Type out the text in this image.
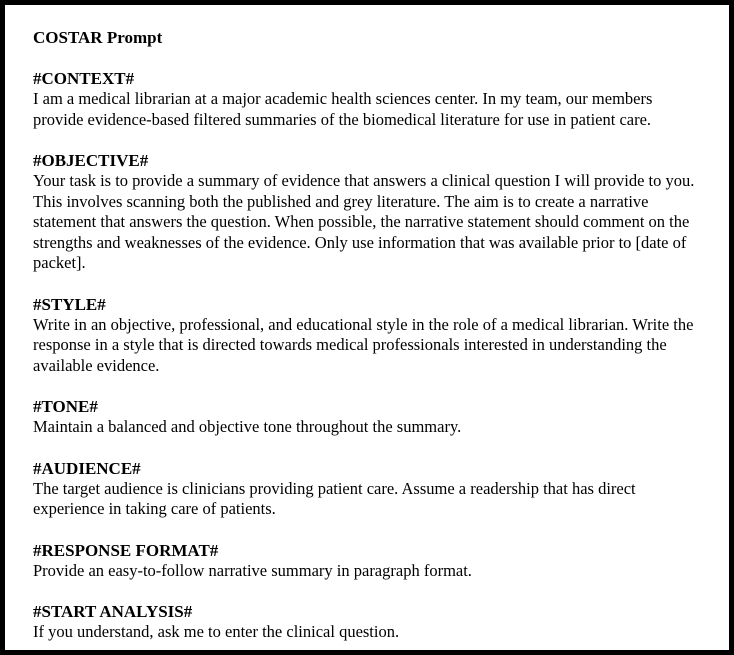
COSTAR Prompt

#CONTEXT#

I am a medical librarian at a major academic health sciences center. In my team, our members provide evidence-based filtered summaries of the biomedical literature for use in patient care.

#OBJECTIVE#

Your task is to provide a summary of evidence that answers a clinical question I will provide to you. This involves scanning both the published and grey literature. The aim is to create a narrative statement that answers the question. When possible, the narrative statement should comment on the strengths and weaknesses of the evidence. Only use information that was available prior to [date of packet].

#STYLE#

Write in an objective, professional, and educational style in the role of a medical librarian. Write the response in a style that is directed towards medical professionals interested in understanding the available evidence.

#TONE#

Maintain a balanced and objective tone throughout the summary.

#AUDIENCE#

The target audience is clinicians providing patient care. Assume a readership that has direct experience in taking care of patients.

#RESPONSE FORMAT#

Provide an easy-to-follow narrative summary in paragraph format.

#START ANALYSIS#

If you understand, ask me to enter the clinical question.
